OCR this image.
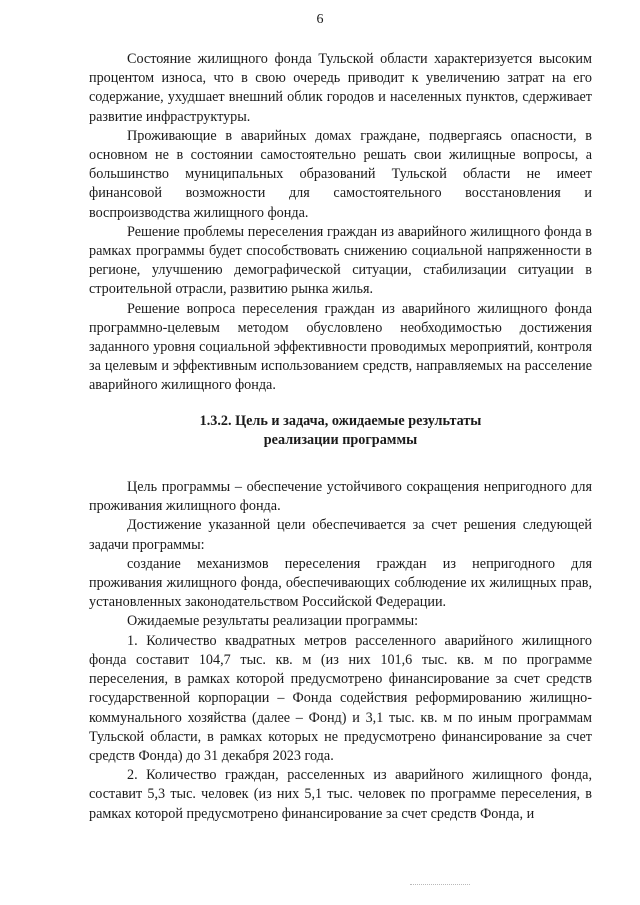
6

Состояние жилищного фонда Тульской области характеризуется высоким процентом износа, что в свою очередь приводит к увеличению затрат на его содержание, ухудшает внешний облик городов и населенных пунктов, сдерживает развитие инфраструктуры.

Проживающие в аварийных домах граждане, подвергаясь опасности, в основном не в состоянии самостоятельно решать свои жилищные вопросы, а большинство муниципальных образований Тульской области не имеет финансовой возможности для самостоятельного восстановления и воспроизводства жилищного фонда.

Решение проблемы переселения граждан из аварийного жилищного фонда в рамках программы будет способствовать снижению социальной напряженности в регионе, улучшению демографической ситуации, стабилизации ситуации в строительной отрасли, развитию рынка жилья.

Решение вопроса переселения граждан из аварийного жилищного фонда программно-целевым методом обусловлено необходимостью достижения заданного уровня социальной эффективности проводимых мероприятий, контроля за целевым и эффективным использованием средств, направляемых на расселение аварийного жилищного фонда.

1.3.2. Цель и задача, ожидаемые результаты
реализации программы

Цель программы – обеспечение устойчивого сокращения непригодного для проживания жилищного фонда.

Достижение указанной цели обеспечивается за счет решения следующей задачи программы:

создание механизмов переселения граждан из непригодного для проживания жилищного фонда, обеспечивающих соблюдение их жилищных прав, установленных законодательством Российской Федерации.

Ожидаемые результаты реализации программы:

1. Количество квадратных метров расселенного аварийного жилищного фонда составит 104,7 тыс. кв. м (из них 101,6 тыс. кв. м по программе переселения, в рамках которой предусмотрено финансирование за счет средств государственной корпорации – Фонда содействия реформированию жилищно-коммунального хозяйства (далее – Фонд) и 3,1 тыс. кв. м по иным программам Тульской области, в рамках которых не предусмотрено финансирование за счет средств Фонда) до 31 декабря 2023 года.

2. Количество граждан, расселенных из аварийного жилищного фонда, составит 5,3 тыс. человек (из них 5,1 тыс. человек по программе переселения, в рамках которой предусмотрено финансирование за счет средств Фонда, и
